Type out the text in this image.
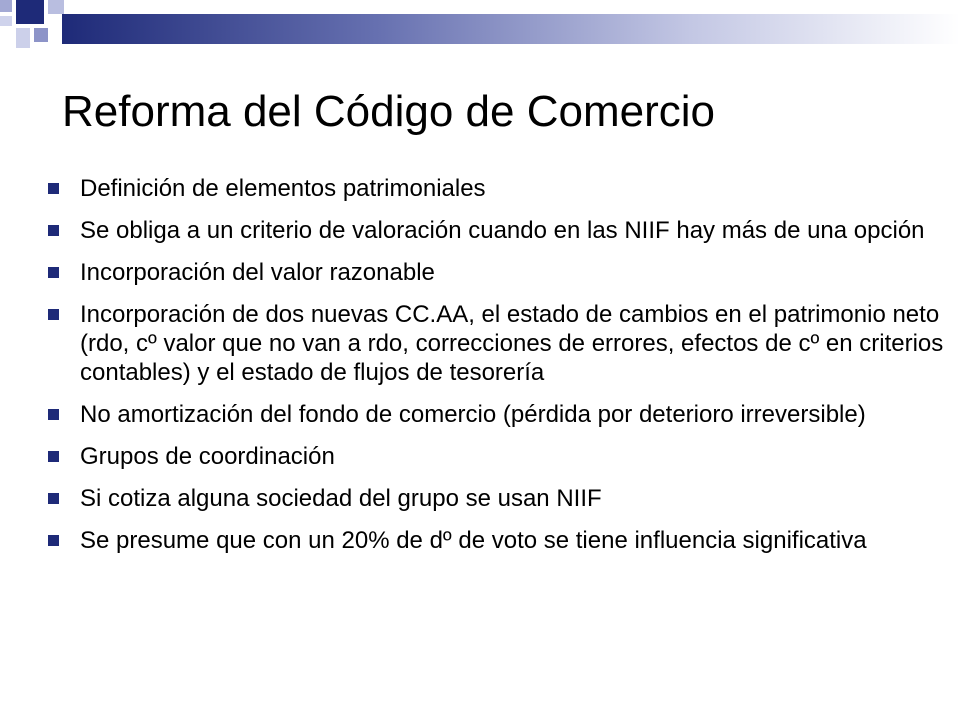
Reforma del Código de Comercio
Definición de elementos patrimoniales
Se obliga a un criterio de valoración cuando en las NIIF hay más de una opción
Incorporación del valor razonable
Incorporación de dos nuevas CC.AA, el estado de cambios en el patrimonio neto (rdo, cº valor que no van a rdo, correcciones de errores, efectos de cº en criterios contables) y el estado de flujos de tesorería
No amortización del fondo de comercio (pérdida por deterioro irreversible)
Grupos de coordinación
Si cotiza alguna sociedad del grupo se usan NIIF
Se presume que con un 20% de dº de voto se tiene influencia significativa
